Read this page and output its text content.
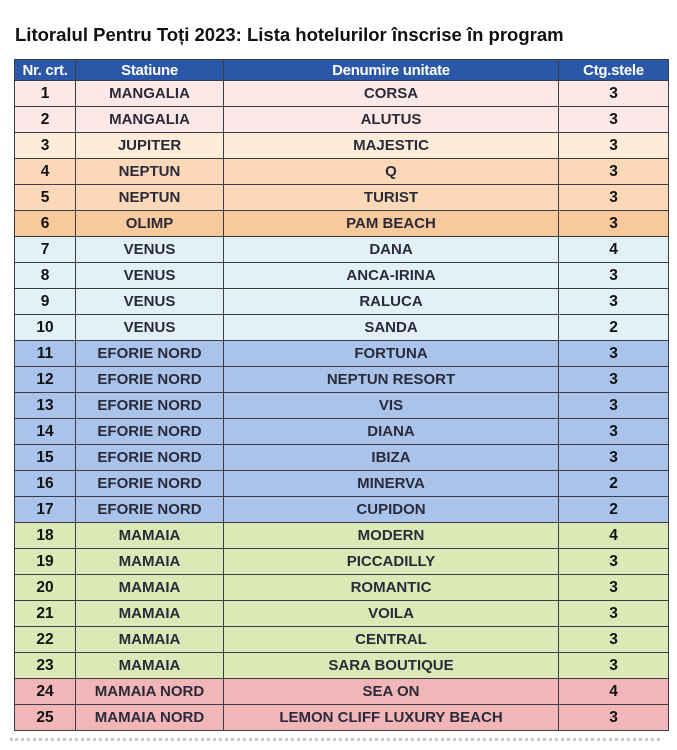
Litoralul Pentru Toți 2023: Lista hotelurilor înscrise în program
Nr. crt.	Statiune	Denumire unitate	Ctg.stele
1	MANGALIA	CORSA	3
2	MANGALIA	ALUTUS	3
3	JUPITER	MAJESTIC	3
4	NEPTUN	Q	3
5	NEPTUN	TURIST	3
6	OLIMP	PAM BEACH	3
7	VENUS	DANA	4
8	VENUS	ANCA-IRINA	3
9	VENUS	RALUCA	3
10	VENUS	SANDA	2
11	EFORIE NORD	FORTUNA	3
12	EFORIE NORD	NEPTUN RESORT	3
13	EFORIE NORD	VIS	3
14	EFORIE NORD	DIANA	3
15	EFORIE NORD	IBIZA	3
16	EFORIE NORD	MINERVA	2
17	EFORIE NORD	CUPIDON	2
18	MAMAIA	MODERN	4
19	MAMAIA	PICCADILLY	3
20	MAMAIA	ROMANTIC	3
21	MAMAIA	VOILA	3
22	MAMAIA	CENTRAL	3
23	MAMAIA	SARA BOUTIQUE	3
24	MAMAIA NORD	SEA ON	4
25	MAMAIA NORD	LEMON CLIFF LUXURY BEACH	3
